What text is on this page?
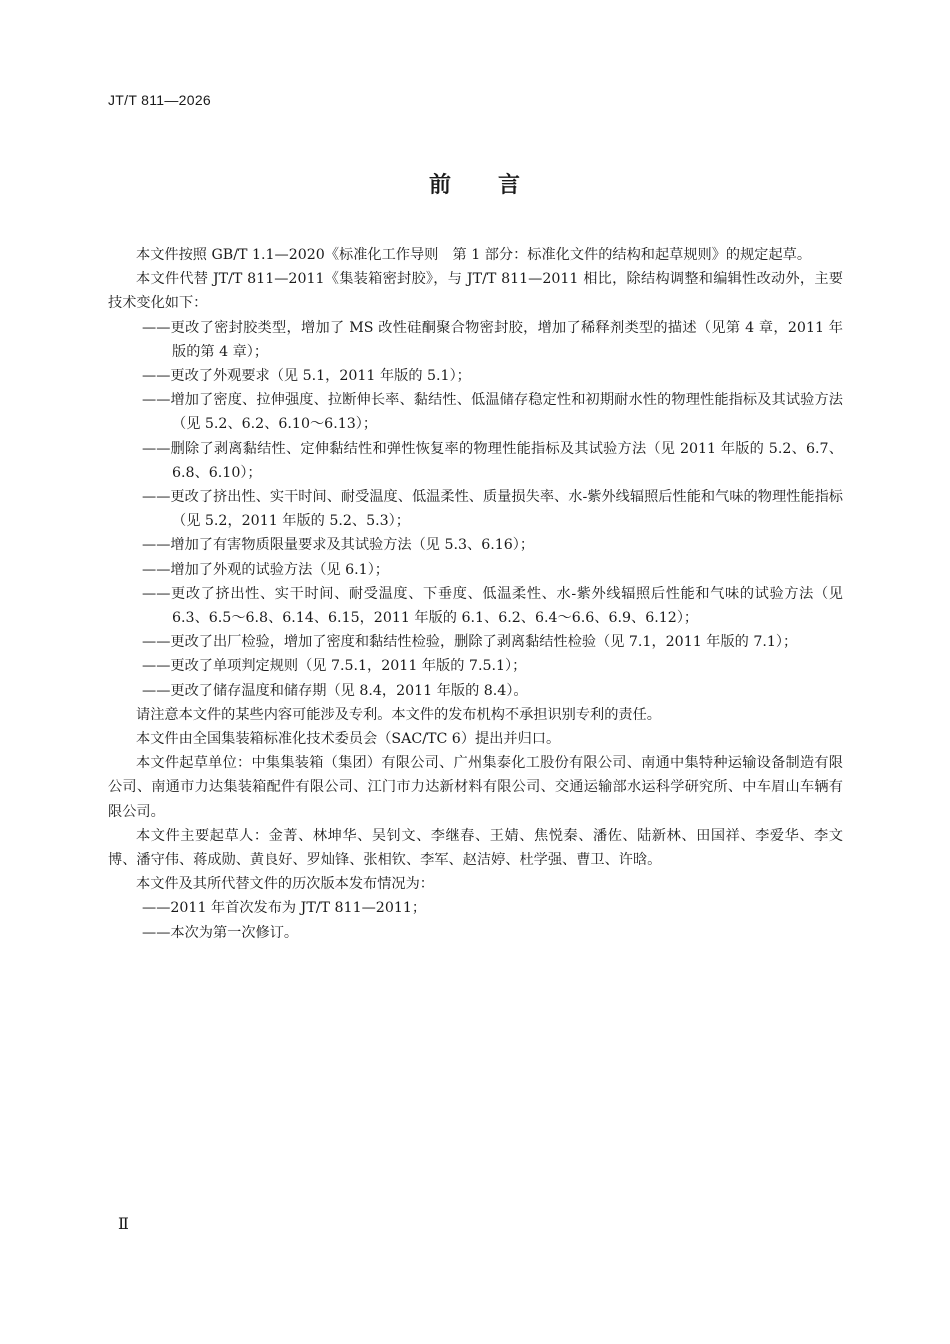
JT/T 811—2026
前 言

本文件按照 GB/T 1.1—2020《标准化工作导则　第 1 部分：标准化文件的结构和起草规则》的规定起草。

本文件代替 JT/T 811—2011《集装箱密封胶》，与 JT/T 811—2011 相比，除结构调整和编辑性改动外，主要技术变化如下：

——更改了密封胶类型，增加了 MS 改性硅酮聚合物密封胶，增加了稀释剂类型的描述（见第 4 章，2011 年版的第 4 章）；

——更改了外观要求（见 5.1，2011 年版的 5.1）；

——增加了密度、拉伸强度、拉断伸长率、黏结性、低温储存稳定性和初期耐水性的物理性能指标及其试验方法（见 5.2、6.2、6.10～6.13）；

——删除了剥离黏结性、定伸黏结性和弹性恢复率的物理性能指标及其试验方法（见 2011 年版的 5.2、6.7、6.8、6.10）；

——更改了挤出性、实干时间、耐受温度、低温柔性、质量损失率、水-紫外线辐照后性能和气味的物理性能指标（见 5.2，2011 年版的 5.2、5.3）；

——增加了有害物质限量要求及其试验方法（见 5.3、6.16）；

——增加了外观的试验方法（见 6.1）；

——更改了挤出性、实干时间、耐受温度、下垂度、低温柔性、水-紫外线辐照后性能和气味的试验方法（见 6.3、6.5～6.8、6.14、6.15，2011 年版的 6.1、6.2、6.4～6.6、6.9、6.12）；

——更改了出厂检验，增加了密度和黏结性检验，删除了剥离黏结性检验（见 7.1，2011 年版的 7.1）；

——更改了单项判定规则（见 7.5.1，2011 年版的 7.5.1）；

——更改了储存温度和储存期（见 8.4，2011 年版的 8.4）。

请注意本文件的某些内容可能涉及专利。本文件的发布机构不承担识别专利的责任。

本文件由全国集装箱标准化技术委员会（SAC/TC 6）提出并归口。

本文件起草单位：中集集装箱（集团）有限公司、广州集泰化工股份有限公司、南通中集特种运输设备制造有限公司、南通市力达集装箱配件有限公司、江门市力达新材料有限公司、交通运输部水运科学研究所、中车眉山车辆有限公司。

本文件主要起草人：金菁、林坤华、吴钊文、李继春、王婧、焦悦秦、潘佐、陆新林、田国祥、李爱华、李文博、潘守伟、蒋成勋、黄良好、罗灿锋、张相钦、李军、赵洁婷、杜学强、曹卫、许晗。

本文件及其所代替文件的历次版本发布情况为：

——2011 年首次发布为 JT/T 811—2011；

——本次为第一次修订。

Ⅱ
